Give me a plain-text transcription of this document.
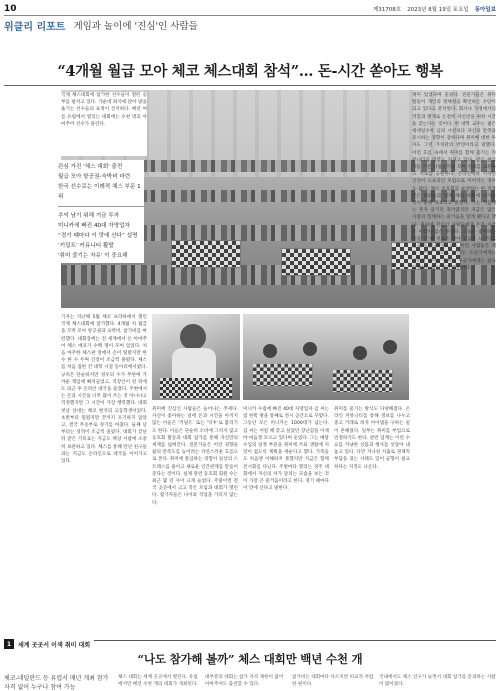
10	제31708호 2023년 8월 19일 토요일 동아일보
위클리 리포트 게임과 놀이에 '진심'인 사람들
“4개월 월급 모아 체코 체스대회 참석”… 돈-시간 쏟아도 행복
국제 체스대회에 참가한 선수들이 열띤 승부를 펼치고 있다. 가운데 좌석에 앉아 말을 옮기는 선수들의 표정이 진지하다. 매년 여름 유럽에서 열리는 대회에는 수천 명의 아마추어 선수가 몰린다.

관심 가진 '체스 대회' 출전

월급 모아 항공권-숙박비 마련

한국 선수로는 이례적 체스 부문 1위

추억 남기 위해 거금 투자

미니카에 빠진 40대 자영업자

“경기 때마다 이 맛에 산다” 설명

‘키덜트’ 커뮤니티 활발

'취미 즐기는 자유' 이 중요해

기자는 지난해 5월 체코 프라하에서 열린 국제 체스대회에 참가했다. 4개월 치 월급을 꼬박 모아 항공권과 숙박비, 참가비를 마련했다. 대회장에는 전 세계에서 온 아마추어 체스 애호가 수백 명이 모여 있었다. 처음 마주한 체스판 앞에서 손이 떨렸지만 한 수 한 수 두며 긴장이 조금씩 풀렸다. 체스를 처음 접한 건 대학 시절 동아리에서였다. 규칙은 단순하지만 경우의 수가 무한에 가까운 게임에 빠져들었고, 직장인이 된 뒤에도 퇴근 후 온라인 대국을 즐겼다. 주변에서는 돈과 시간을 너무 많이 쓰는 것 아니냐고 걱정했지만 그 시간이 가장 행복했다. 대회 첫날 상대는 체코 현지의 고등학생이었다. 초반부터 밀렸지만 끝까지 포기하지 않았고, 결국 무승부로 경기를 마쳤다. 둘째 날부터는 성적이 조금씩 올랐다. 대회가 끝난 뒤 받은 기록표는 지금도 책상 서랍에 소중히 보관하고 있다. 체스를 통해 만난 친구들과는 지금도 온라인으로 대국을 이어가고 있다.
취미에 진심인 사람들은 늘어나는 추세다. 자신이 좋아하는 일에 돈과 시간을 아끼지 않는 이들은 ‘키덜트’ 또는 ‘덕후’로 불리기도 한다. 이들은 단순히 소비에 그치지 않고 동호회 활동과 대회 참가를 통해 자신만의 세계를 넓혀간다. 전문가들은 이런 경향을 삶의 만족도를 높이려는 자연스러운 흐름으로 본다. 취미에 몰입하는 경험이 일상의 스트레스를 줄이고 새로운 인간관계를 만들어 준다는 것이다. 실제 관련 동호회 회원 수는 최근 몇 년 사이 크게 늘었다. 주말이면 전국 곳곳에서 크고 작은 모임과 대회가 열린다. 참가자들은 나이와 직업을 가리지 않는다.
미니카 수집에 빠진 40대 자영업자 김 씨는 집 한쪽 방을 통째로 전시 공간으로 꾸몄다. 그동안 모은 미니카는 1000대가 넘는다. 김 씨는 어릴 때 갖고 싶었던 장난감을 이제야 마음껏 모으고 있다며 웃었다. 그는 매달 수입의 일정 부분을 취미에 쓰되 생활에 지장이 없도록 계획을 세운다고 했다. 가족들도 처음엔 이해하지 못했지만 지금은 함께 전시회를 다닌다. 주말마다 열리는 경주 대회에서 자신의 차가 달리는 모습을 보는 것이 가장 큰 즐거움이라고 한다. 경기 때마다 이 맛에 산다고 말한다.
취미를 즐기는 방식도 다양해졌다. 온라인 커뮤니티를 통해 정보를 나누고 중고 거래로 희귀 아이템을 구하는 일이 흔해졌다. 일부는 취미를 부업으로 연결하기도 한다. 관련 업계는 이런 수요를 겨냥한 상품과 행사를 잇달아 내놓고 있다. 다만 지나친 지출로 경제적 부담을 겪는 사례도 있어 균형이 필요하다는 지적도 나온다.
재미 있었다며 웃었다. 전문가들은 취미 활동이 개인의 정체성을 확인하는 수단이 되고 있다고 분석한다. 회사나 가정에서의 역할과 별개로 온전히 자신만을 위한 시간을 갖는다는 것이다. 한 대학 교수는 젊은 세대일수록 남의 시선보다 자신의 만족을 중시하는 경향이 강하다며 취미에 대한 투자도 그런 가치관의 반영이라고 말했다. 이런 흐름 속에서 취미를 함께 즐기는 커뮤니티의 역할도 커지고 있다. 같은 관심사를 가진 사람들끼리 모여 정보를 교환하고 서로를 응원한다. 온라인에서 시작된 인연이 오프라인 모임으로 이어지는 경우도 많다. 체스 동호회를 운영하는 한 직장인은 회원들과 함께 해외 대회에 나가는 것이 올해 목표라고 밝혔다. 그는 처음에는 혼자 즐기던 취미였지만 지금은 많은 사람과 함께하는 즐거움을 알게 됐다고 했다. 취미에 진심인 사람들에게 돈과 시간은 아깝지 않은 투자다. 그들은 좋아하는 일을 할 때 비로소 살아 있음을 느낀다고 입을 모은다. 앞으로도 이런 사람들은 계속 늘어날 것으로 보인다. 누군가에게는 사소해 보이는 취미가 누군가에게는 삶을 지탱하는 힘이 되기 때문이다.
1	세계 곳곳서 이색 취미 대회
“나도 참가해 볼까” 체스 대회만 백년 수천 개
체코-네덜란드 등 유럽서 매년 개최 참가 자격 없어 누구나 참여 가능
체스 대회는 세계 곳곳에서 열린다. 유럽에서만 매년 수천 개의 대회가 개최된다.
대부분의 대회는 참가 자격 제한이 없어 아마추어도 출전할 수 있다.
참가비는 대회마다 다르지만 비교적 저렴한 편이다.
국내에서도 체스 인구가 늘면서 대회 참가를 문의하는 사람이 많아졌다.
